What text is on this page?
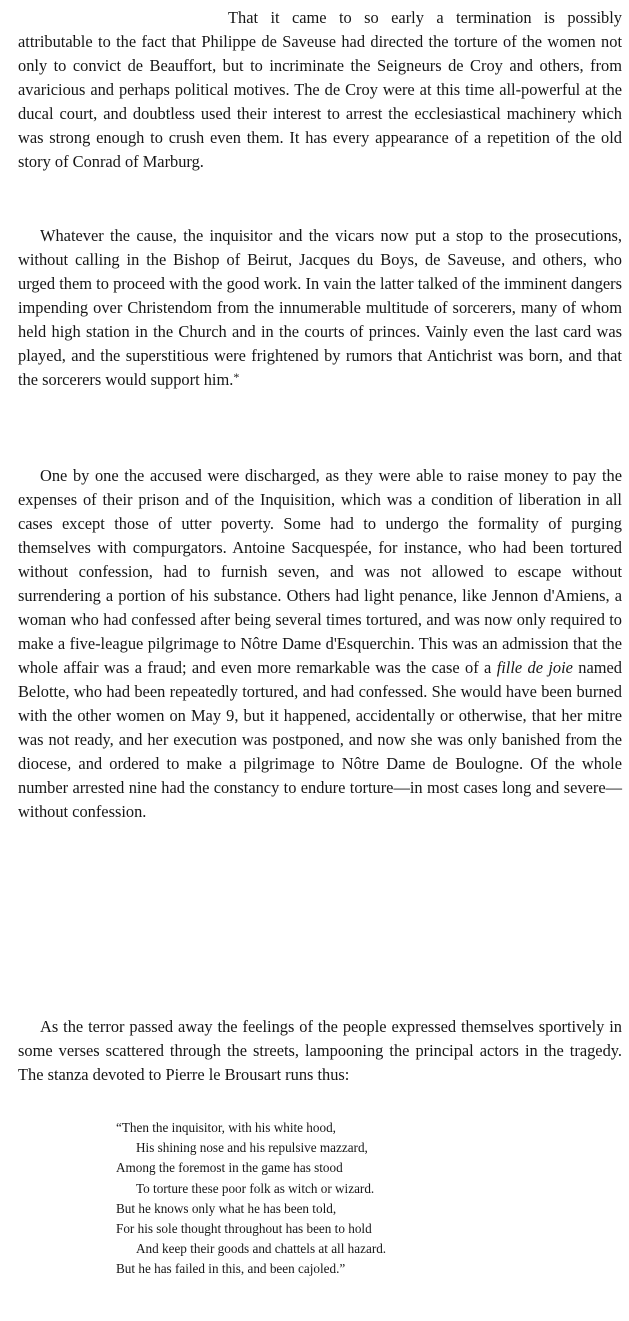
That it came to so early a termination is possibly attributable to the fact that Philippe de Saveuse had directed the torture of the women not only to convict de Beauffort, but to incriminate the Seigneurs de Croy and others, from avaricious and perhaps political motives. The de Croy were at this time all-powerful at the ducal court, and doubtless used their interest to arrest the ecclesiastical machinery which was strong enough to crush even them. It has every appearance of a repetition of the old story of Conrad of Marburg.

Whatever the cause, the inquisitor and the vicars now put a stop to the prosecutions, without calling in the Bishop of Beirut, Jacques du Boys, de Saveuse, and others, who urged them to proceed with the good work. In vain the latter talked of the imminent dangers impending over Christendom from the innumerable multitude of sorcerers, many of whom held high station in the Church and in the courts of princes. Vainly even the last card was played, and the superstitious were frightened by rumors that Antichrist was born, and that the sorcerers would support him.*

One by one the accused were discharged, as they were able to raise money to pay the expenses of their prison and of the Inquisition, which was a condition of liberation in all cases except those of utter poverty. Some had to undergo the formality of purging themselves with compurgators. Antoine Sacquespée, for instance, who had been tortured without confession, had to furnish seven, and was not allowed to escape without surrendering a portion of his substance. Others had light penance, like Jennon d'Amiens, a woman who had confessed after being several times tortured, and was now only required to make a five-league pilgrimage to Nôtre Dame d'Esquerchin. This was an admission that the whole affair was a fraud; and even more remarkable was the case of a fille de joie named Belotte, who had been repeatedly tortured, and had confessed. She would have been burned with the other women on May 9, but it happened, accidentally or otherwise, that her mitre was not ready, and her execution was postponed, and now she was only banished from the diocese, and ordered to make a pilgrimage to Nôtre Dame de Boulogne. Of the whole number arrested nine had the constancy to endure torture—in most cases long and severe—without confession.

As the terror passed away the feelings of the people expressed themselves sportively in some verses scattered through the streets, lampooning the principal actors in the tragedy. The stanza devoted to Pierre le Brousart runs thus:

“Then the inquisitor, with his white hood,
His shining nose and his repulsive mazzard,
Among the foremost in the game has stood
To torture these poor folk as witch or wizard.
But he knows only what he has been told,
For his sole thought throughout has been to hold
And keep their goods and chattels at all hazard.
But he has failed in this, and been cajoled.”
